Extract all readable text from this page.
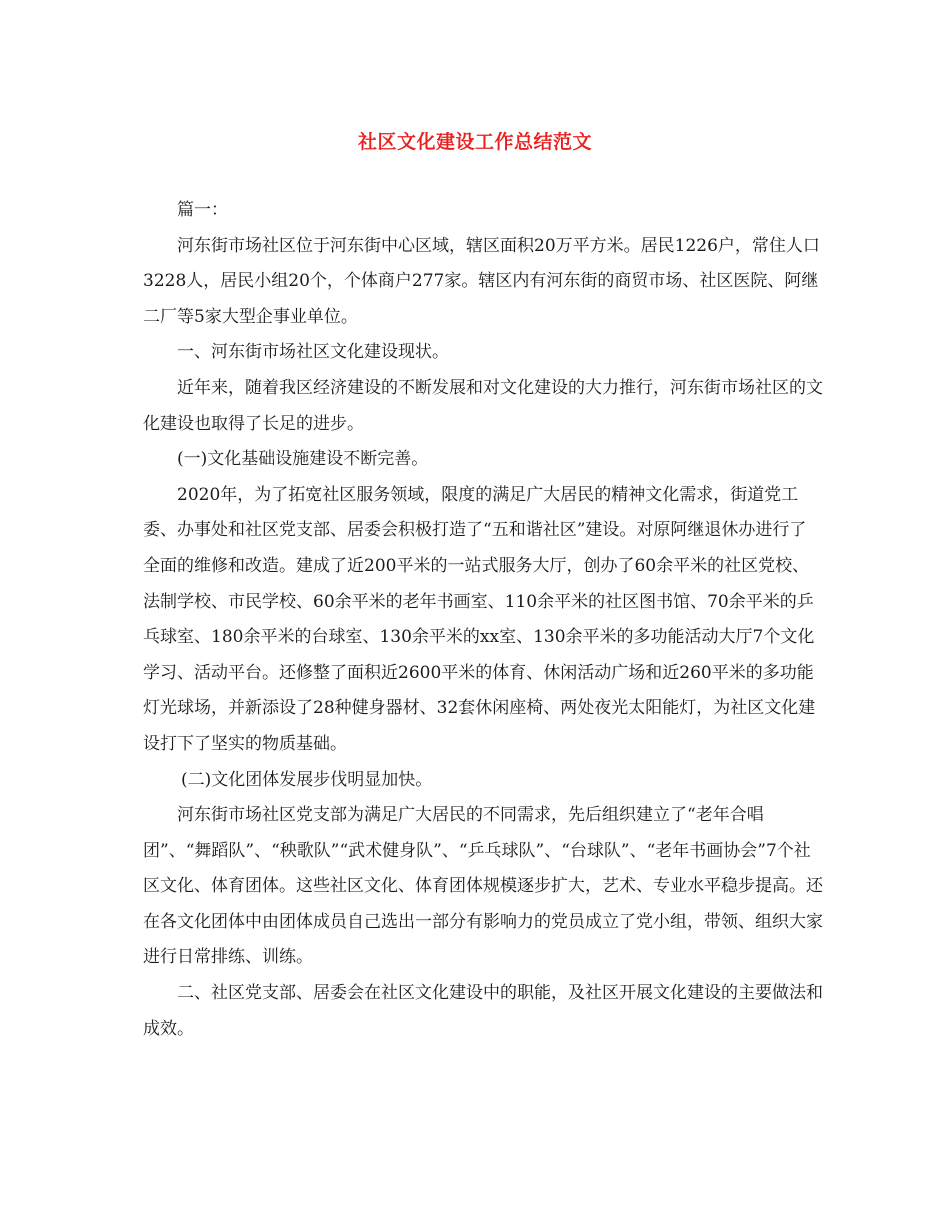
社区文化建设工作总结范文

篇一：

河东街市场社区位于河东街中心区域，辖区面积20万平方米。居民1226户，常住人口3228人，居民小组20个，个体商户277家。辖区内有河东街的商贸市场、社区医院、阿继二厂等5家大型企事业单位。

一、河东街市场社区文化建设现状。

近年来，随着我区经济建设的不断发展和对文化建设的大力推行，河东街市场社区的文化建设也取得了长足的进步。

(一)文化基础设施建设不断完善。

2020年，为了拓宽社区服务领域，限度的满足广大居民的精神文化需求，街道党工委、办事处和社区党支部、居委会积极打造了“五和谐社区”建设。对原阿继退休办进行了全面的维修和改造。建成了近200平米的一站式服务大厅，创办了60余平米的社区党校、法制学校、市民学校、60余平米的老年书画室、110余平米的社区图书馆、70余平米的乒乓球室、180余平米的台球室、130余平米的xx室、130余平米的多功能活动大厅7个文化学习、活动平台。还修整了面积近2600平米的体育、休闲活动广场和近260平米的多功能灯光球场，并新添设了28种健身器材、32套休闲座椅、两处夜光太阳能灯，为社区文化建设打下了坚实的物质基础。

(二)文化团体发展步伐明显加快。

河东街市场社区党支部为满足广大居民的不同需求，先后组织建立了“老年合唱团”、“舞蹈队”、“秧歌队”“武术健身队”、“乒乓球队”、“台球队”、“老年书画协会”7个社区文化、体育团体。这些社区文化、体育团体规模逐步扩大，艺术、专业水平稳步提高。还在各文化团体中由团体成员自己选出一部分有影响力的党员成立了党小组，带领、组织大家进行日常排练、训练。

二、社区党支部、居委会在社区文化建设中的职能，及社区开展文化建设的主要做法和成效。
